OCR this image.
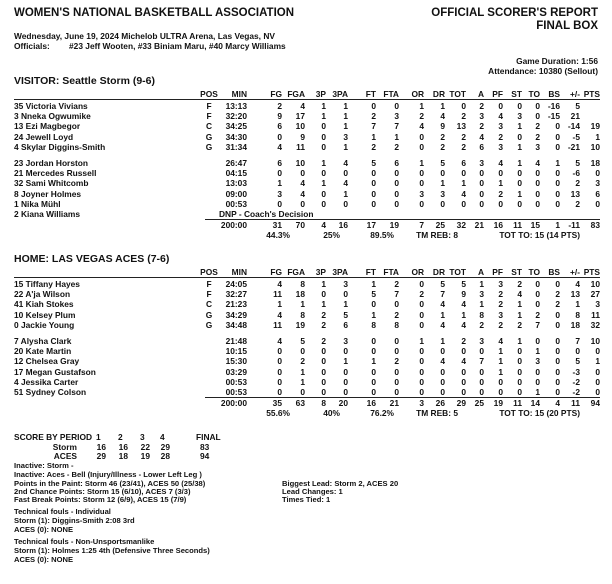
WOMEN'S NATIONAL BASKETBALL ASSOCIATION	OFFICIAL SCORER'S REPORT
FINAL BOX
Wednesday, June 19, 2024 Michelob ULTRA Arena, Las Vegas, NV
Officials: #23 Jeff Wooten, #33 Biniam Maru, #40 Marcy Williams
Game Duration: 1:56
Attendance: 10380 (Sellout)
VISITOR: Seattle Storm (9-6)
POS	MIN	FG FGA 3P 3PA FT FTA OR DR TOT A PF ST TO BS +/- PTS
35 Victoria Vivians	F	13:13	2 4 1 1	0 0 1 1 0 2 0 0 0 -16 5
3 Nneka Ogwumike	F	32:20	9 17 1 1	2 3 2 4 2 3 4 3 0 -15 21
13 Ezi Magbegor	C	34:25	6 10 0 1	7 7 4 9 13 2 3 1 2 0 -14 19
24 Jewell Loyd	G	34:30	0 9 0 3	1 1 0 2 2 4 2 0 2 0 -5 1
4 Skylar Diggins-Smith	G	31:34	4 11 0 1	2 2 0 2 2 6 3 1 3 0 -21 10
23 Jordan Horston	26:47	6 10 1 4	5 6 1 5 6 3 4 1 4 1 5 18
21 Mercedes Russell	04:15	0 0 0 0	0 0 0 0 0 0 0 0 0 0 -6 0
32 Sami Whitcomb	13:03	1 4 1 4	0 0 0 1 1 0 1 0 0 0 2 3
8 Joyner Holmes	09:00	3 4 0 1	0 0 3 3 4 0 2 1 0 0 13 6
1 Nika Mühl	00:53	0 0 0 0	0 0 0 0 0 0 0 0 0 0 2 0
2 Kiana Williams	DNP - Coach's Decision
200:00	31 70 4 16 17 19 7 25 32 21 16 11 15 1 -11 83
44.3%	25%	89.5%	TM REB: 8	TOT TO: 15 (14 PTS)
HOME: LAS VEGAS ACES (7-6)
POS	MIN	FG FGA 3P 3PA FT FTA OR DR TOT A PF ST TO BS +/- PTS
15 Tiffany Hayes	F	24:05	4 8 1 3	1 2 0 5 5 1 3 2 0 0 4 10
22 A'ja Wilson	F	32:27	11 18 0 0	5 7 2 7 9 3 2 4 0 2 13 27
41 Kiah Stokes	C	21:23	1 1 1 1	0 0 0 4 4 1 2 1 0 2 1 3
10 Kelsey Plum	G	34:29	4 8 2 5	1 2 0 1 1 8 3 1 2 0 8 11
0 Jackie Young	G	34:48	11 19 2 6	8 8 0 4 4 2 2 2 7 0 18 32
7 Alysha Clark	21:48	4 5 2 3	0 0 1 1 2 3 4 1 0 0 7 10
20 Kate Martin	10:15	0 0 0 0	0 0 0 0 0 0 1 0 1 0 0 0
12 Chelsea Gray	15:30	0 2 0 1	1 2 0 4 4 7 1 0 3 0 5 1
17 Megan Gustafson	03:29	0 1 0 0	0 0 0 0 0 0 1 0 0 0 -3 0
4 Jessika Carter	00:53	0 1 0 0	0 0 0 0 0 0 0 0 0 0 -2 0
51 Sydney Colson	00:53	0 0 0 0	0 0 0 0 0 0 0 0 1 0 -2 0
200:00	35 63 8 20 16 21 3 26 29 25 19 11 14 4 11 94
55.6%	40%	76.2%	TM REB: 5	TOT TO: 15 (20 PTS)
SCORE BY PERIOD 1 2 3 4	FINAL
Storm	16	16	22	29	83
ACES	29	18	19	28	94
Inactive: Storm -
Inactive: Aces - Bell (Injury/Illness - Lower Left Leg )
Points in the Paint: Storm 46 (23/41), ACES 50 (25/38)
2nd Chance Points: Storm 15 (6/10), ACES 7 (3/3)
Fast Break Points: Storm 12 (6/9), ACES 15 (7/9)
Biggest Lead: Storm 2, ACES 20
Lead Changes: 1
Times Tied: 1
Technical fouls - Individual
Storm (1): Diggins-Smith 2:08 3rd
ACES (0): NONE
Technical fouls - Non-Unsportsmanlike
Storm (1): Holmes 1:25 4th (Defensive Three Seconds)
ACES (0): NONE
